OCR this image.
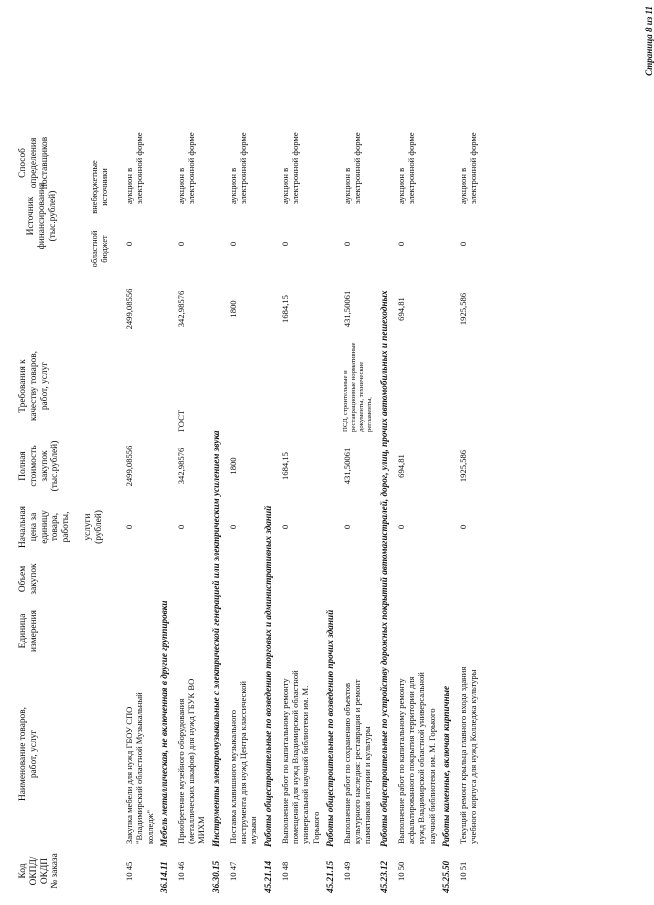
Код
ОКПД/
ОКДП
№ заказа
Наименование товаров,
работ, услуг
Единица
измерения
Объем
закупок
Начальная
цена за
единицу
товара,
работы,

услуги
(рублей)
Полная
стоимость
закупок
(тыс.рублей)
Требования к
качеству товаров,
работ, услуг
Способ
определения
поставщиков
Источник
финансирования
(тыс.рублей)
областной
бюджет
внебюджетные
источники
10 45
Закупка мебели для нужд ГБОУ СПО "Владимирский областной Музыкальный колледж"
0
2499,08556
2499,08556
0
аукцион в электронной форме
36.14.11Мебель металлическая, не включенная в другие группировки
10 46
Приобретение музейного оборудования (металлических шкафов) для нужд ГБУК ВО МИХМ
0
342,98576
ГОСТ
342,98576
0
аукцион в электронной форме
36.30.15Инструменты электромузыкальные с электрической генерацией или электрическим усилением звука
10 47
Поставка клавишного музыкального инструмента для нужд Центра классической музыки
0
1800
1800
0
аукцион в электронной форме
45.21.14Работы общестроительные по возведению торговых и административных зданий
10 48
Выполнение работ по капитальному ремонту помещений для нужд Владимирской областной универсальной научной библиотеки им. М. Горького
0
1684,15
1684,15
0
аукцион в электронной форме
45.21.15Работы общестроительные по возведению прочих зданий
10 49
Выполнение работ по сохранению объектов культурного наследия: реставрация и ремонт памятников истории и культуры
0
431,50061
ПСД, строительные и реставрационные нормативные документы, технические регламенты,
431,50061
0
аукцион в электронной форме
45.23.12Работы общестроительные по устройству дорожных покрытий автомагистралей, дорог, улиц, прочих автомобильных и пешеходных
10 50
Выполнение работ по капитальному ремонту асфальтированного покрытия территории для нужд Владимирской областной универсальной научной библиотеки им. М. Горького
0
694,81
694,81
0
аукцион в электронной форме
45.25.50Работы каменные, включая кирпичные
10 51
Текущий ремонт крыльца главного входа здания учебного корпуса для нужд Колледжа культуры
0
1925,586
1925,586
0
аукцион в электронной форме
Страница 8 из 11
